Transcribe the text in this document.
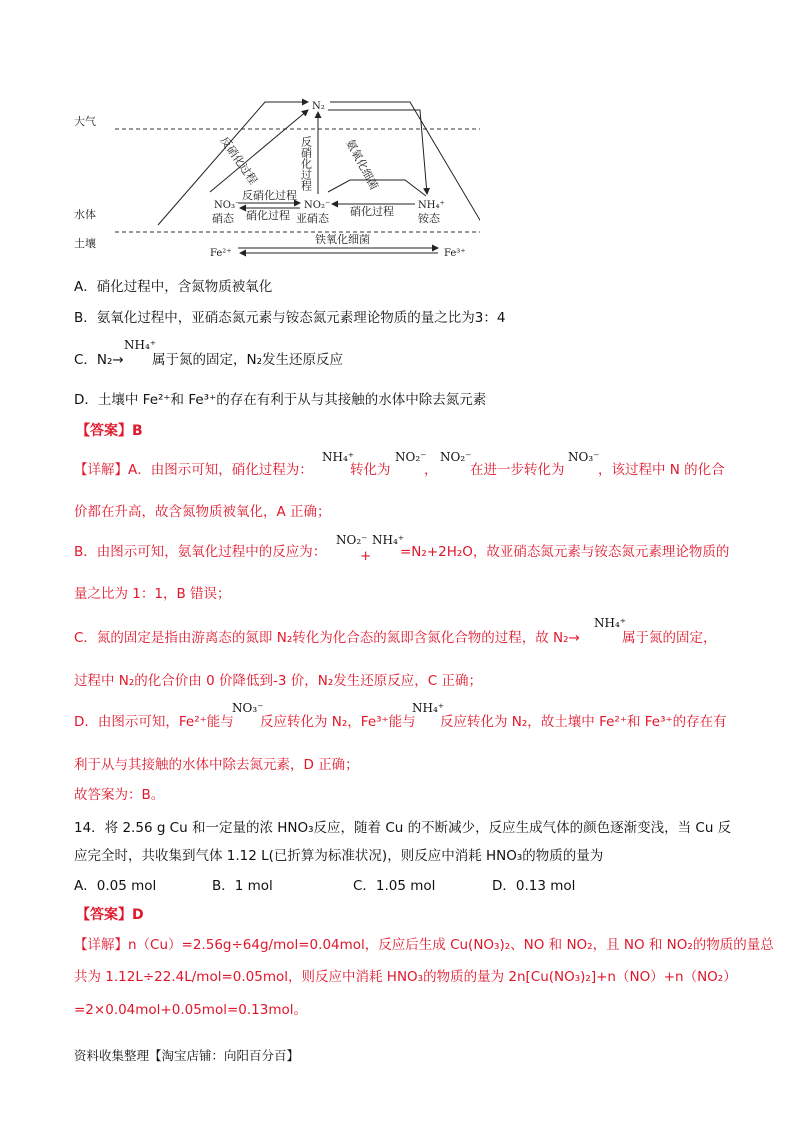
大气
水体
土壤
N₂
反硝化过程	反硝化过程	氨氧化细菌
NO₃⁻
硝态
NO₂⁻
亚硝态
NH₄⁺
铵态
反硝化过程
硝化过程	硝化过程
Fe²⁺
铁氧化细菌
Fe³⁺
A．硝化过程中，含氮物质被氧化
B．氨氧化过程中，亚硝态氮元素与铵态氮元素理论物质的量之比为3：4
C．N₂→
NH₄⁺
属于氮的固定，N₂发生还原反应
D．土壤中 Fe²⁺和 Fe³⁺的存在有利于从与其接触的水体中除去氮元素
【答案】B
【详解】A．由图示可知，硝化过程为：
NH₄⁺
转化为
NO₂⁻
，
NO₂⁻
在进一步转化为
NO₃⁻
，该过程中 N 的化合
价都在升高，故含氮物质被氧化，A 正确；
B．由图示可知，氨氧化过程中的反应为：
NO₂⁻
+
NH₄⁺
=N₂+2H₂O，故亚硝态氮元素与铵态氮元素理论物质的
量之比为 1：1，B 错误；
C．氮的固定是指由游离态的氮即 N₂转化为化合态的氮即含氮化合物的过程，故 N₂→
NH₄⁺
属于氮的固定，
过程中 N₂的化合价由 0 价降低到-3 价，N₂发生还原反应，C 正确；
D．由图示可知，Fe²⁺能与
NO₃⁻
反应转化为 N₂，Fe³⁺能与
NH₄⁺
反应转化为 N₂，故土壤中 Fe²⁺和 Fe³⁺的存在有
利于从与其接触的水体中除去氮元素，D 正确；
故答案为：B。
14．将 2.56 g Cu 和一定量的浓 HNO₃反应，随着 Cu 的不断减少，反应生成气体的颜色逐渐变浅，当 Cu 反
应完全时，共收集到气体 1.12 L(已折算为标准状况)，则反应中消耗 HNO₃的物质的量为
A．0.05 mol	B．1 mol	C．1.05 mol	D．0.13 mol
【答案】D
【详解】n（Cu）=2.56g÷64g/mol=0.04mol，反应后生成 Cu(NO₃)₂、NO 和 NO₂，且 NO 和 NO₂的物质的量总
共为 1.12L÷22.4L/mol=0.05mol，则反应中消耗 HNO₃的物质的量为 2n[Cu(NO₃)₂]+n（NO）+n（NO₂）
=2×0.04mol+0.05mol=0.13mol。
资料收集整理【淘宝店铺：向阳百分百】
